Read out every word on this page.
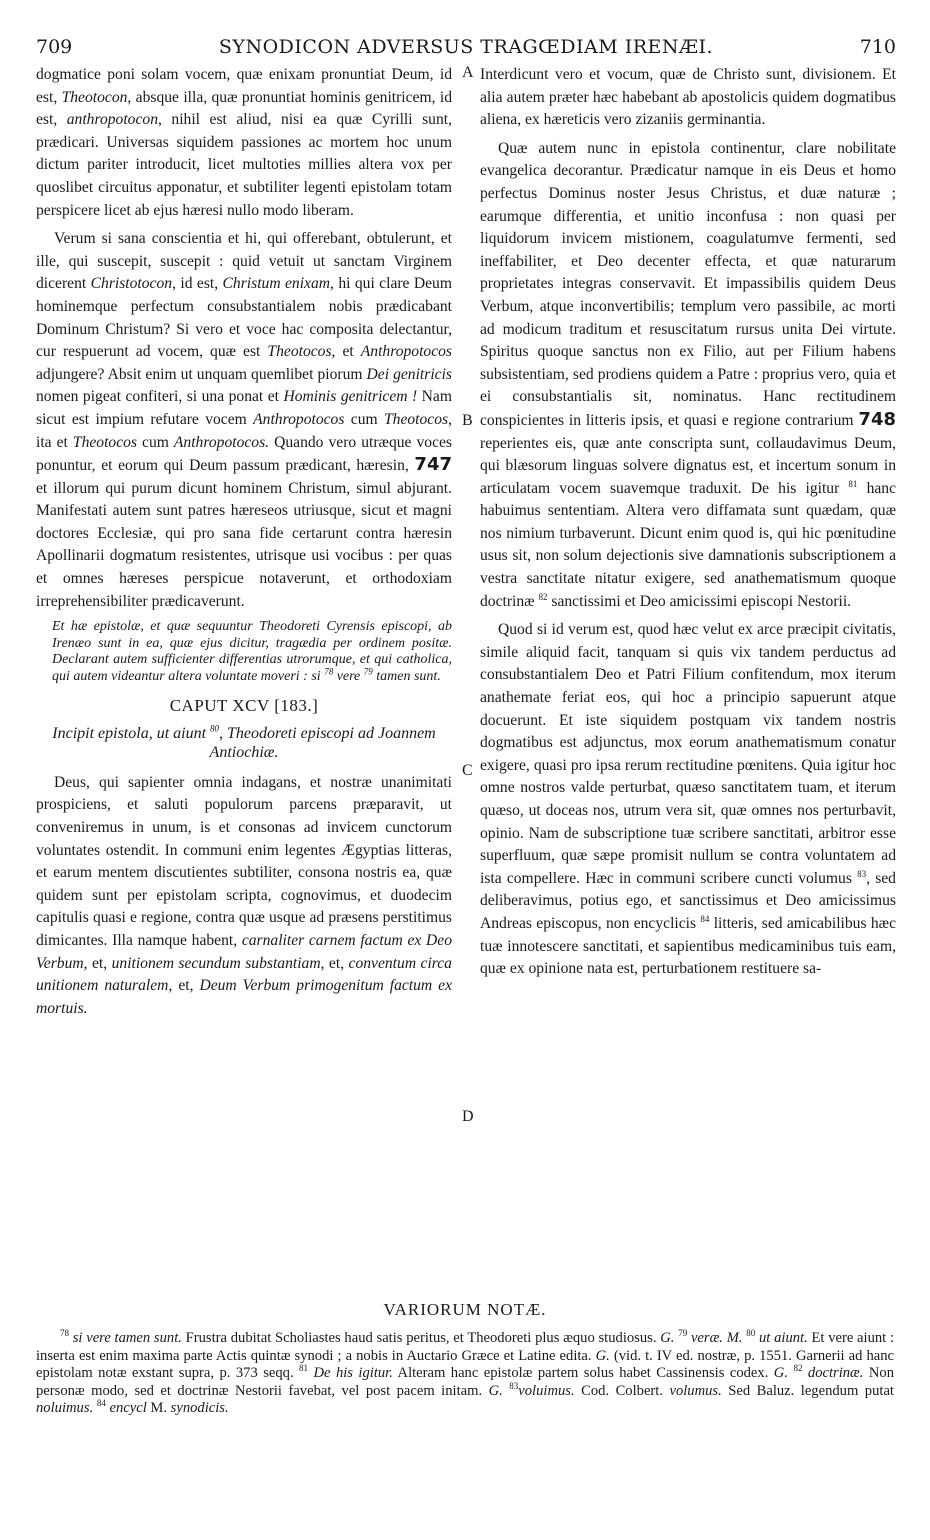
709	SYNODICON ADVERSUS TRAGŒDIAM IRENÆI.	710
A
B
C
D

dogmatice poni solam vocem, quæ enixam pronuntiat Deum, id est, Theotocon, absque illa, quæ pronuntiat hominis genitricem, id est, anthropotocon, nihil est aliud, nisi ea quæ Cyrilli sunt, prædicari. Universas siquidem passiones ac mortem hoc unum dictum pariter introducit, licet multoties millies altera vox per quoslibet circuitus apponatur, et subtiliter legenti epistolam totam perspicere licet ab ejus hæresi nullo modo liberam.

Verum si sana conscientia et hi, qui offerebant, obtulerunt, et ille, qui suscepit, suscepit : quid vetuit ut sanctam Virginem dicerent Christotocon, id est, Christum enixam, hi qui clare Deum hominemque perfectum consubstantialem nobis prædicabant Dominum Christum? Si vero et voce hac composita delectantur, cur respuerunt ad vocem, quæ est Theotocos, et Anthropotocos adjungere? Absit enim ut unquam quemlibet piorum Dei genitricis nomen pigeat confiteri, si una ponat et Hominis genitricem ! Nam sicut est impium refutare vocem Anthropotocos cum Theotocos, ita et Theotocos cum Anthropotocos. Quando vero utræque voces ponuntur, et eorum qui Deum passum prædicant, hæresin, 747 et illorum qui purum dicunt hominem Christum, simul abjurant. Manifestati autem sunt patres hæreseos utriusque, sicut et magni doctores Ecclesiæ, qui pro sana fide certarunt contra hæresin Apollinarii dogmatum resistentes, utrisque usi vocibus : per quas et omnes hæreses perspicue notaverunt, et orthodoxiam irreprehensibiliter prædicaverunt.

Et hæ epistolæ, et quæ sequuntur Theodoreti Cyrensis episcopi, ab Irenæo sunt in ea, quæ ejus dicitur, tragædia per ordinem positæ. Declarant autem sufficienter differentias utrorumque, et qui catholica, qui autem videantur altera voluntate moveri : si $^{78}$ vere $^{79}$ tamen sunt.

CAPUT XCV [183.]
Incipit epistola, ut aiunt $^{80}$, Theodoreti episcopi ad Joannem Antiochiæ.

Deus, qui sapienter omnia indagans, et nostræ unanimitati prospiciens, et saluti populorum parcens præparavit, ut conveniremus in unum, is et consonas ad invicem cunctorum voluntates ostendit. In communi enim legentes Ægyptias litteras, et earum mentem discutientes subtiliter, consona nostris ea, quæ quidem sunt per epistolam scripta, cognovimus, et duodecim capitulis quasi e regione, contra quæ usque ad præsens perstitimus dimicantes. Illa namque habent, carnaliter carnem factum ex Deo Verbum, et, unitionem secundum substantiam, et, conventum circa unitionem naturalem, et, Deum Verbum primogenitum factum ex mortuis.

Interdicunt vero et vocum, quæ de Christo sunt, divisionem. Et alia autem præter hæc habebant ab apostolicis quidem dogmatibus aliena, ex hæreticis vero zizaniis germinantia.

Quæ autem nunc in epistola continentur, clare nobilitate evangelica decorantur. Prædicatur namque in eis Deus et homo perfectus Dominus noster Jesus Christus, et duæ naturæ ; earumque differentia, et unitio inconfusa : non quasi per liquidorum invicem mistionem, coagulatumve fermenti, sed ineffabiliter, et Deo decenter effecta, et quæ naturarum proprietates integras conservavit. Et impassibilis quidem Deus Verbum, atque inconvertibilis; templum vero passibile, ac morti ad modicum traditum et resuscitatum rursus unita Dei virtute. Spiritus quoque sanctus non ex Filio, aut per Filium habens subsistentiam, sed prodiens quidem a Patre : proprius vero, quia et ei consubstantialis sit, nominatus. Hanc rectitudinem conspicientes in litteris ipsis, et quasi e regione contrarium 748 reperientes eis, quæ ante conscripta sunt, collaudavimus Deum, qui blæsorum linguas solvere dignatus est, et incertum sonum in articulatam vocem suavemque traduxit. De his igitur $^{81}$ hanc habuimus sententiam. Altera vero diffamata sunt quædam, quæ nos nimium turbaverunt. Dicunt enim quod is, qui hic pœnitudine usus sit, non solum dejectionis sive damnationis subscriptionem a vestra sanctitate nitatur exigere, sed anathematismum quoque doctrinæ $^{82}$ sanctissimi et Deo amicissimi episcopi Nestorii.

Quod si id verum est, quod hæc velut ex arce præcipit civitatis, simile aliquid facit, tanquam si quis vix tandem perductus ad consubstantialem Deo et Patri Filium confitendum, mox iterum anathemate feriat eos, qui hoc a principio sapuerunt atque docuerunt. Et iste siquidem postquam vix tandem nostris dogmatibus est adjunctus, mox eorum anathematismum conatur exigere, quasi pro ipsa rerum rectitudine pœnitens. Quia igitur hoc omne nostros valde perturbat, quæso sanctitatem tuam, et iterum quæso, ut doceas nos, utrum vera sit, quæ omnes nos perturbavit, opinio. Nam de subscriptione tuæ scribere sanctitati, arbitror esse superfluum, quæ sæpe promisit nullum se contra voluntatem ad ista compellere. Hæc in communi scribere cuncti volumus $^{83}$, sed deliberavimus, potius ego, et sanctissimus et Deo amicissimus Andreas episcopus, non encyclicis $^{84}$ litteris, sed amicabilibus hæc tuæ innotescere sanctitati, et sapientibus medicaminibus tuis eam, quæ ex opinione nata est, perturbationem restituere sa-

VARIORUM NOTÆ.
$^{78}$ si vere tamen sunt. Frustra dubitat Scholiastes haud satis peritus, et Theodoreti plus æquo studiosus. G. $^{79}$ veræ. M. $^{80}$ ut aiunt. Et vere aiunt : inserta est enim maxima parte Actis quintæ synodi ; a nobis in Auctario Græce et Latine edita. G. (vid. t. IV ed. nostræ, p. 1551. Garnerii ad hanc epistolam notæ exstant supra, p. 373 seqq. $^{81}$ De his igitur. Alteram hanc epistolæ partem solus habet Cassinensis codex. G. $^{82}$ doctrinæ. Non personæ modo, sed et doctrinæ Nestorii favebat, vel post pacem initam. G. $^{83}$voluimus. Cod. Colbert. volumus. Sed Baluz. legendum putat noluimus. $^{84}$ encycl M. synodicis.
